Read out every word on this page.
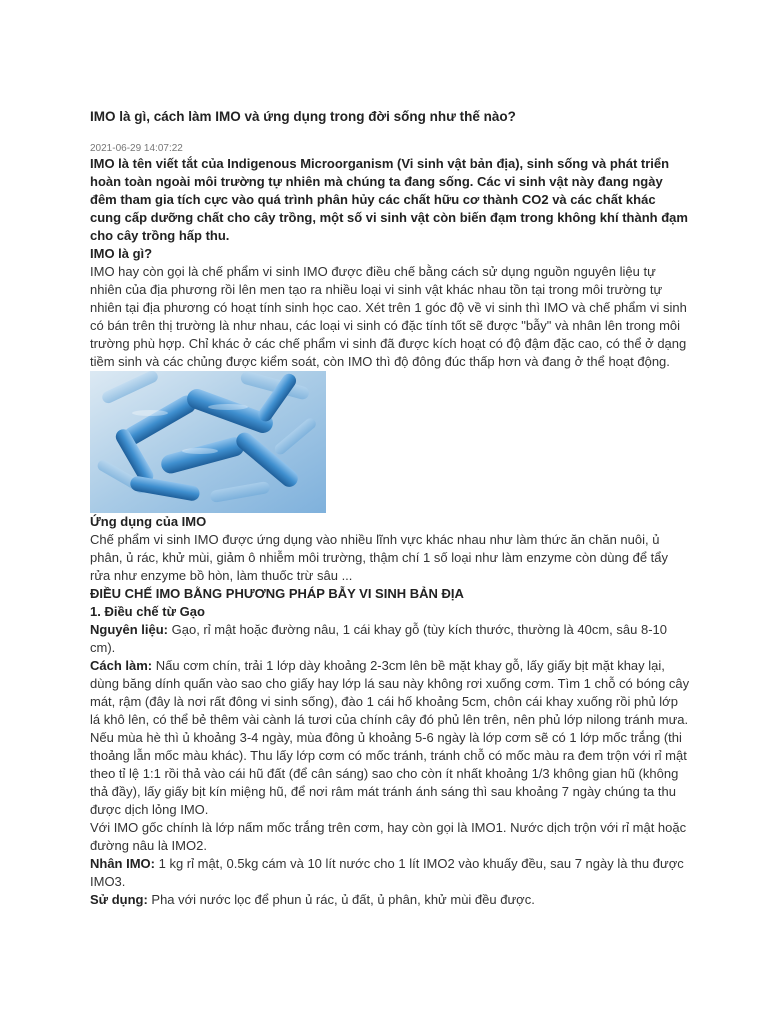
IMO là gì, cách làm IMO và ứng dụng trong đời sống như thế nào?
2021-06-29 14:07:22
IMO là tên viết tắt của Indigenous Microorganism (Vi sinh vật bản địa), sinh sống và phát triển hoàn toàn ngoài môi trường tự nhiên mà chúng ta đang sống. Các vi sinh vật này đang ngày đêm tham gia tích cực vào quá trình phân hủy các chất hữu cơ thành CO2 và các chất khác cung cấp dưỡng chất cho cây trồng, một số vi sinh vật còn biến đạm trong không khí thành đạm cho cây trồng hấp thu.
IMO là gì?
IMO hay còn gọi là chế phẩm vi sinh IMO được điều chế bằng cách sử dụng nguồn nguyên liệu tự nhiên của địa phương rồi lên men tạo ra nhiều loại vi sinh vật khác nhau tồn tại trong môi trường tự nhiên tại địa phương có hoạt tính sinh học cao. Xét trên 1 góc độ về vi sinh thì IMO và chế phẩm vi sinh có bán trên thị trường là như nhau, các loại vi sinh có đặc tính tốt sẽ được "bẫy" và nhân lên trong môi trường phù hợp. Chỉ khác ở các chế phẩm vi sinh đã được kích hoạt có độ đậm đặc cao, có thể ở dạng tiềm sinh và các chủng được kiểm soát, còn IMO thì độ đông đúc thấp hơn và đang ở thể hoạt động.
Ứng dụng của IMO
Chế phẩm vi sinh IMO được ứng dụng vào nhiều lĩnh vực khác nhau như làm thức ăn chăn nuôi, ủ phân, ủ rác, khử mùi, giảm ô nhiễm môi trường, thậm chí 1 số loại như làm enzyme còn dùng để tẩy rửa như enzyme bồ hòn, làm thuốc trừ sâu ...
ĐIỀU CHẾ IMO BẰNG PHƯƠNG PHÁP BẪY VI SINH BẢN ĐỊA
1. Điều chế từ Gạo
Nguyên liệu: Gạo, rỉ mật hoặc đường nâu, 1 cái khay gỗ (tùy kích thước, thường là 40cm, sâu 8-10 cm).
Cách làm: Nấu cơm chín, trải 1 lớp dày khoảng 2-3cm lên bề mặt khay gỗ, lấy giấy bịt mặt khay lại, dùng băng dính quấn vào sao cho giấy hay lớp lá sau này không rơi xuống cơm. Tìm 1 chỗ có bóng cây mát, rậm (đây là nơi rất đông vi sinh sống), đào 1 cái hố khoảng 5cm, chôn cái khay xuống rồi phủ lớp lá khô lên, có thể bẻ thêm vài cành lá tươi của chính cây đó phủ lên trên, nên phủ lớp nilong tránh mưa. Nếu mùa hè thì ủ khoảng 3-4 ngày, mùa đông ủ khoảng 5-6 ngày là lớp cơm sẽ có 1 lớp mốc trắng (thi thoảng lẫn mốc màu khác). Thu lấy lớp cơm có mốc tránh, tránh chỗ có mốc màu ra đem trộn với rỉ mật theo tỉ lệ 1:1 rồi thả vào cái hũ đất (để cân sáng) sao cho còn ít nhất khoảng 1/3 không gian hũ (không thả đầy), lấy giấy bịt kín miệng hũ, để nơi râm mát tránh ánh sáng thì sau khoảng 7 ngày chúng ta thu được dịch lỏng IMO.
Với IMO gốc chính là lớp nấm mốc trắng trên cơm, hay còn gọi là IMO1. Nước dịch trộn với rỉ mật hoặc đường nâu là IMO2.
Nhân IMO: 1 kg rỉ mật, 0.5kg cám và 10 lít nước cho 1 lít IMO2 vào khuấy đều, sau 7 ngày là thu được IMO3.
Sử dụng: Pha với nước lọc để phun ủ rác, ủ đất, ủ phân, khử mùi đều được.
